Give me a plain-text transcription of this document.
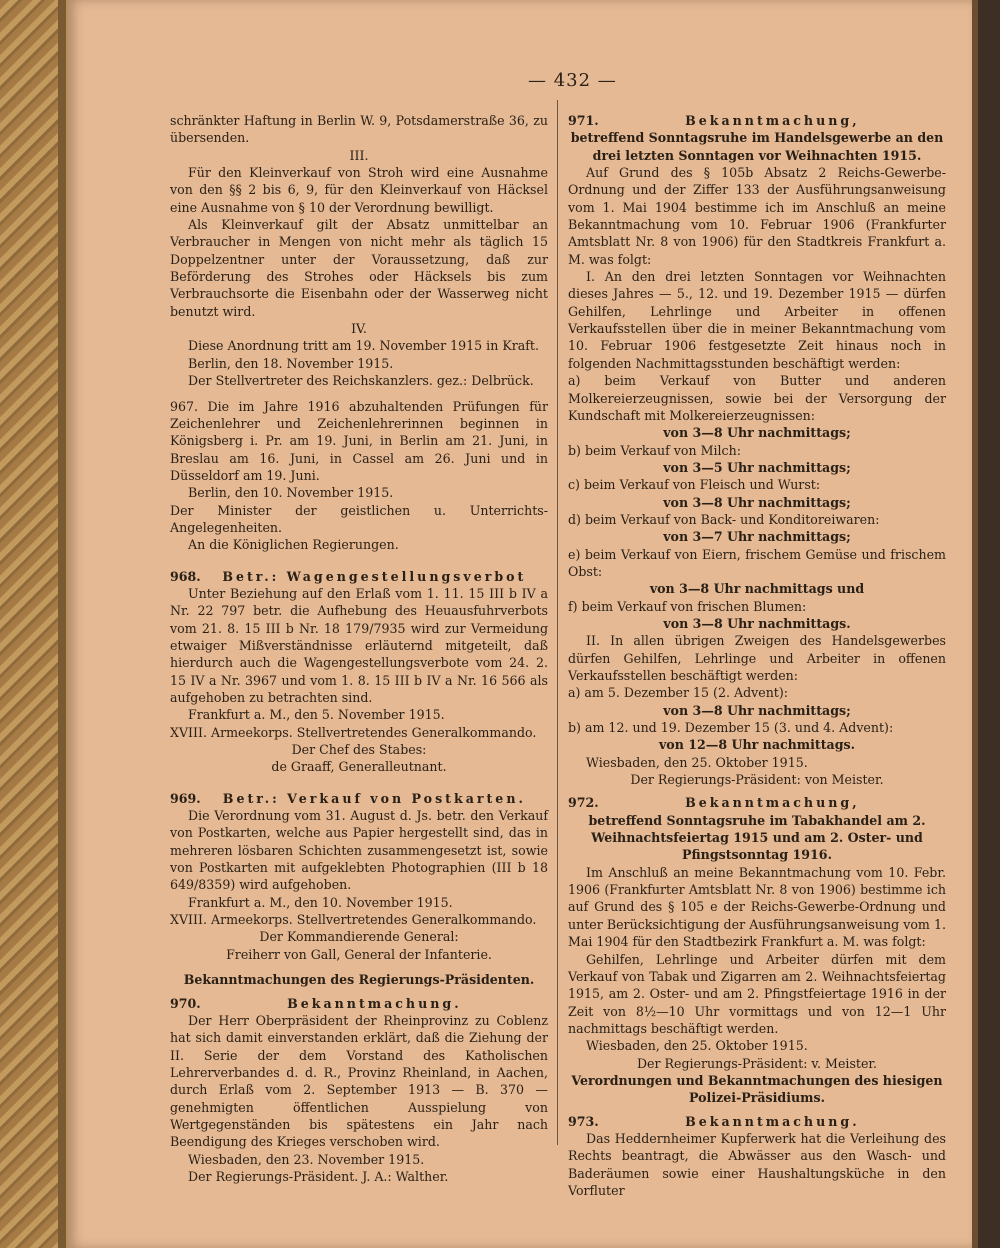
— 432 —

schränkter Haftung in Berlin W. 9, Potsdamerstraße 36, zu übersenden.

III.

Für den Kleinverkauf von Stroh wird eine Ausnahme von den §§ 2 bis 6, 9, für den Kleinverkauf von Häcksel eine Ausnahme von § 10 der Verordnung bewilligt.

Als Kleinverkauf gilt der Absatz unmittelbar an Verbraucher in Mengen von nicht mehr als täglich 15 Doppelzentner unter der Voraussetzung, daß zur Beförderung des Strohes oder Häcksels bis zum Verbrauchsorte die Eisenbahn oder der Wasserweg nicht benutzt wird.

IV.

Diese Anordnung tritt am 19. November 1915 in Kraft.

Berlin, den 18. November 1915.

Der Stellvertreter des Reichskanzlers. gez.: Delbrück.

967. Die im Jahre 1916 abzuhaltenden Prüfungen für Zeichenlehrer und Zeichenlehrerinnen beginnen in Königsberg i. Pr. am 19. Juni, in Berlin am 21. Juni, in Breslau am 16. Juni, in Cassel am 26. Juni und in Düsseldorf am 19. Juni.

Berlin, den 10. November 1915.

Der Minister der geistlichen u. Unterrichts-Angelegenheiten.

An die Königlichen Regierungen.

968.	Betr.: Wagengestellungsverbot

Unter Beziehung auf den Erlaß vom 1. 11. 15 III b IV a Nr. 22 797 betr. die Aufhebung des Heuausfuhrverbots vom 21. 8. 15 III b Nr. 18 179/7935 wird zur Vermeidung etwaiger Mißverständnisse erläuternd mitgeteilt, daß hierdurch auch die Wagengestellungsverbote vom 24. 2. 15 IV a Nr. 3967 und vom 1. 8. 15 III b IV a Nr. 16 566 als aufgehoben zu betrachten sind.

Frankfurt a. M., den 5. November 1915.

XVIII. Armeekorps. Stellvertretendes Generalkommando.

Der Chef des Stabes:

de Graaff, Generalleutnant.

969.	Betr.: Verkauf von Postkarten.

Die Verordnung vom 31. August d. Js. betr. den Verkauf von Postkarten, welche aus Papier hergestellt sind, das in mehreren lösbaren Schichten zusammengesetzt ist, sowie von Postkarten mit aufgeklebten Photographien (III b 18 649/8359) wird aufgehoben.

Frankfurt a. M., den 10. November 1915.

XVIII. Armeekorps. Stellvertretendes Generalkommando.

Der Kommandierende General:

Freiherr von Gall, General der Infanterie.

Bekanntmachungen des Regierungs-Präsidenten.

970.	Bekanntmachung.

Der Herr Oberpräsident der Rheinprovinz zu Coblenz hat sich damit einverstanden erklärt, daß die Ziehung der II. Serie der dem Vorstand des Katholischen Lehrerverbandes d. d. R., Provinz Rheinland, in Aachen, durch Erlaß vom 2. September 1913 — B. 370 — genehmigten öffentlichen Ausspielung von Wertgegenständen bis spätestens ein Jahr nach Beendigung des Krieges verschoben wird.

Wiesbaden, den 23. November 1915.

Der Regierungs-Präsident. J. A.: Walther.

971.	Bekanntmachung,

betreffend Sonntagsruhe im Handelsgewerbe an den drei letzten Sonntagen vor Weihnachten 1915.

Auf Grund des § 105b Absatz 2 Reichs-Gewerbe-Ordnung und der Ziffer 133 der Ausführungsanweisung vom 1. Mai 1904 bestimme ich im Anschluß an meine Bekanntmachung vom 10. Februar 1906 (Frankfurter Amtsblatt Nr. 8 von 1906) für den Stadtkreis Frankfurt a. M. was folgt:

I. An den drei letzten Sonntagen vor Weihnachten dieses Jahres — 5., 12. und 19. Dezember 1915 — dürfen Gehilfen, Lehrlinge und Arbeiter in offenen Verkaufsstellen über die in meiner Bekanntmachung vom 10. Februar 1906 festgesetzte Zeit hinaus noch in folgenden Nachmittagsstunden beschäftigt werden:

a) beim Verkauf von Butter und anderen Molkereierzeugnissen, sowie bei der Versorgung der Kundschaft mit Molkereierzeugnissen:

von 3—8 Uhr nachmittags;

b) beim Verkauf von Milch:

von 3—5 Uhr nachmittags;

c) beim Verkauf von Fleisch und Wurst:

von 3—8 Uhr nachmittags;

d) beim Verkauf von Back- und Konditoreiwaren:

von 3—7 Uhr nachmittags;

e) beim Verkauf von Eiern, frischem Gemüse und frischem Obst:

von 3—8 Uhr nachmittags und

f) beim Verkauf von frischen Blumen:

von 3—8 Uhr nachmittags.

II. In allen übrigen Zweigen des Handelsgewerbes dürfen Gehilfen, Lehrlinge und Arbeiter in offenen Verkaufsstellen beschäftigt werden:

a) am 5. Dezember 15 (2. Advent):

von 3—8 Uhr nachmittags;

b) am 12. und 19. Dezember 15 (3. und 4. Advent):

von 12—8 Uhr nachmittags.

Wiesbaden, den 25. Oktober 1915.

Der Regierungs-Präsident: von Meister.

972.	Bekanntmachung,

betreffend Sonntagsruhe im Tabakhandel am 2. Weihnachtsfeiertag 1915 und am 2. Oster- und Pfingstsonntag 1916.

Im Anschluß an meine Bekanntmachung vom 10. Febr. 1906 (Frankfurter Amtsblatt Nr. 8 von 1906) bestimme ich auf Grund des § 105 e der Reichs-Gewerbe-Ordnung und unter Berücksichtigung der Ausführungsanweisung vom 1. Mai 1904 für den Stadtbezirk Frankfurt a. M. was folgt:

Gehilfen, Lehrlinge und Arbeiter dürfen mit dem Verkauf von Tabak und Zigarren am 2. Weihnachtsfeiertag 1915, am 2. Oster- und am 2. Pfingstfeiertage 1916 in der Zeit von 8½—10 Uhr vormittags und von 12—1 Uhr nachmittags beschäftigt werden.

Wiesbaden, den 25. Oktober 1915.

Der Regierungs-Präsident: v. Meister.

Verordnungen und Bekanntmachungen des hiesigen Polizei-Präsidiums.

973.	Bekanntmachung.

Das Heddernheimer Kupferwerk hat die Verleihung des Rechts beantragt, die Abwässer aus den Wasch- und Baderäumen sowie einer Haushaltungsküche in den Vorfluter
